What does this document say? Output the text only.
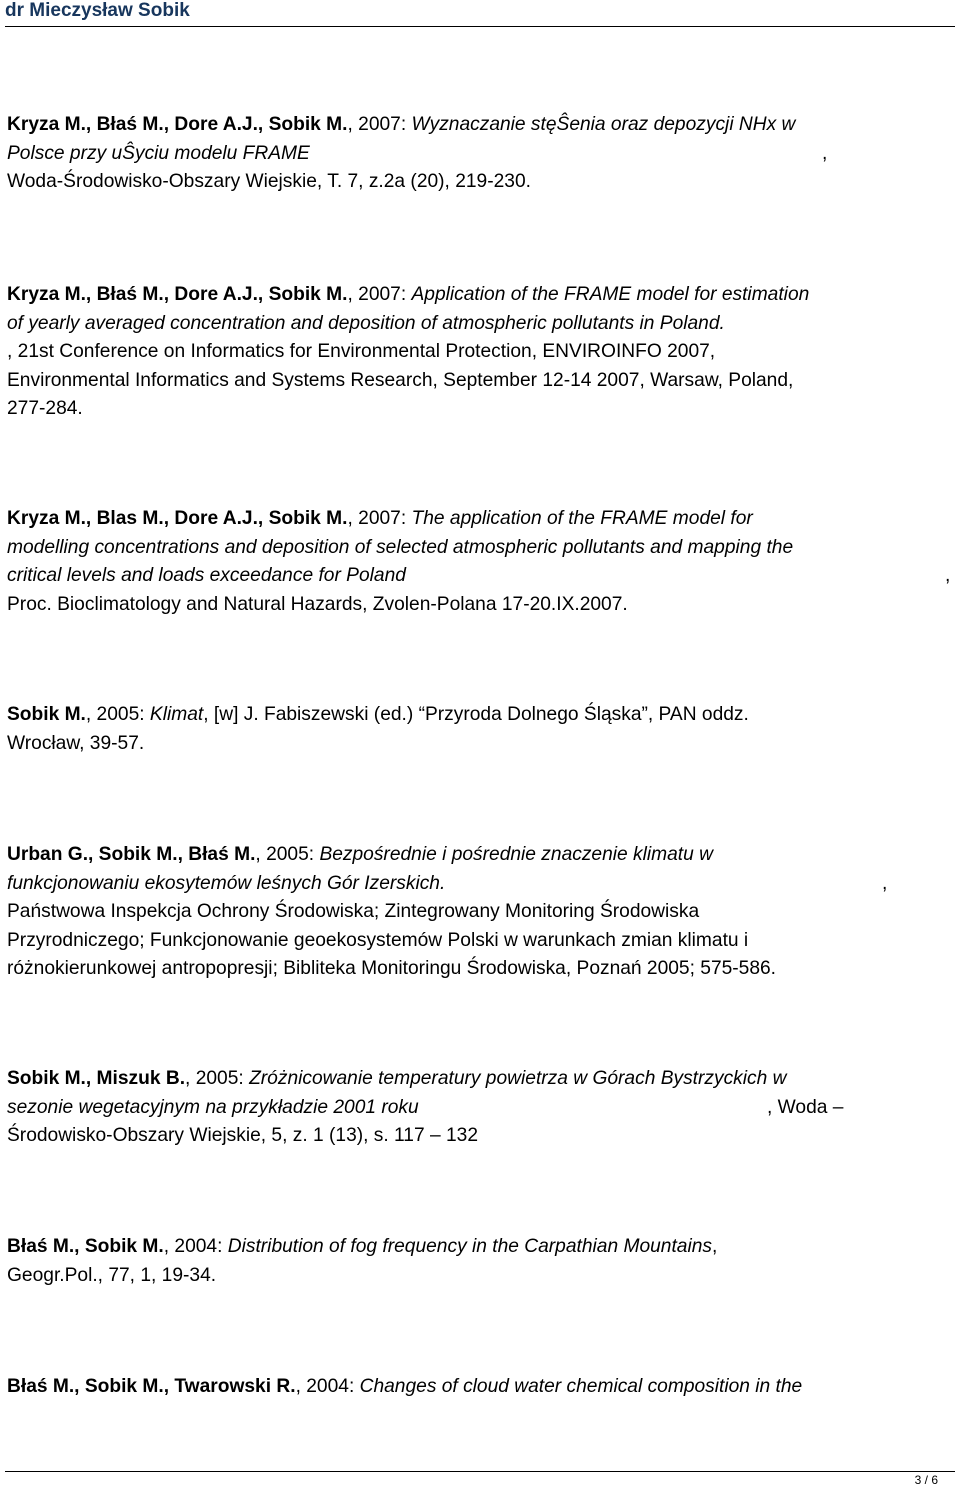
dr Mieczysław Sobik
Kryza M., Błaś M., Dore A.J., Sobik M., 2007: Wyznaczanie stęŜenia oraz depozycji NHx w
Polsce przy uŜyciu modelu FRAME	,
Woda-Środowisko-Obszary Wiejskie, T. 7, z.2a (20), 219-230.
Kryza M., Błaś M., Dore A.J., Sobik M., 2007: Application of the FRAME model for estimation
of yearly averaged concentration and deposition of atmospheric pollutants in Poland.
, 21st Conference on Informatics for Environmental Protection, ENVIROINFO 2007,
Environmental Informatics and Systems Research, September 12-14 2007, Warsaw, Poland,
277-284.
Kryza M., Blas M., Dore A.J., Sobik M., 2007: The application of the FRAME model for
modelling concentrations and deposition of selected atmospheric pollutants and mapping the
critical levels and loads exceedance for Poland	,
Proc. Bioclimatology and Natural Hazards, Zvolen-Polana 17-20.IX.2007.
Sobik M., 2005: Klimat, [w] J. Fabiszewski (ed.) “Przyroda Dolnego Śląska”, PAN oddz.
Wrocław, 39-57.
Urban G., Sobik M., Błaś M., 2005: Bezpośrednie i pośrednie znaczenie klimatu w
funkcjonowaniu ekosytemów leśnych Gór Izerskich.	,
Państwowa Inspekcja Ochrony Środowiska; Zintegrowany Monitoring Środowiska
Przyrodniczego; Funkcjonowanie geoekosystemów Polski w warunkach zmian klimatu i
różnokierunkowej antropopresji; Bibliteka Monitoringu Środowiska, Poznań 2005; 575-586.
Sobik M., Miszuk B., 2005: Zróżnicowanie temperatury powietrza w Górach Bystrzyckich w
sezonie wegetacyjnym na przykładzie 2001 roku	, Woda –
Środowisko-Obszary Wiejskie, 5, z. 1 (13), s. 117 – 132
Błaś M., Sobik M., 2004: Distribution of fog frequency in the Carpathian Mountains,
Geogr.Pol., 77, 1, 19-34.
Błaś M., Sobik M., Twarowski R., 2004: Changes of cloud water chemical composition in the
3 / 6
